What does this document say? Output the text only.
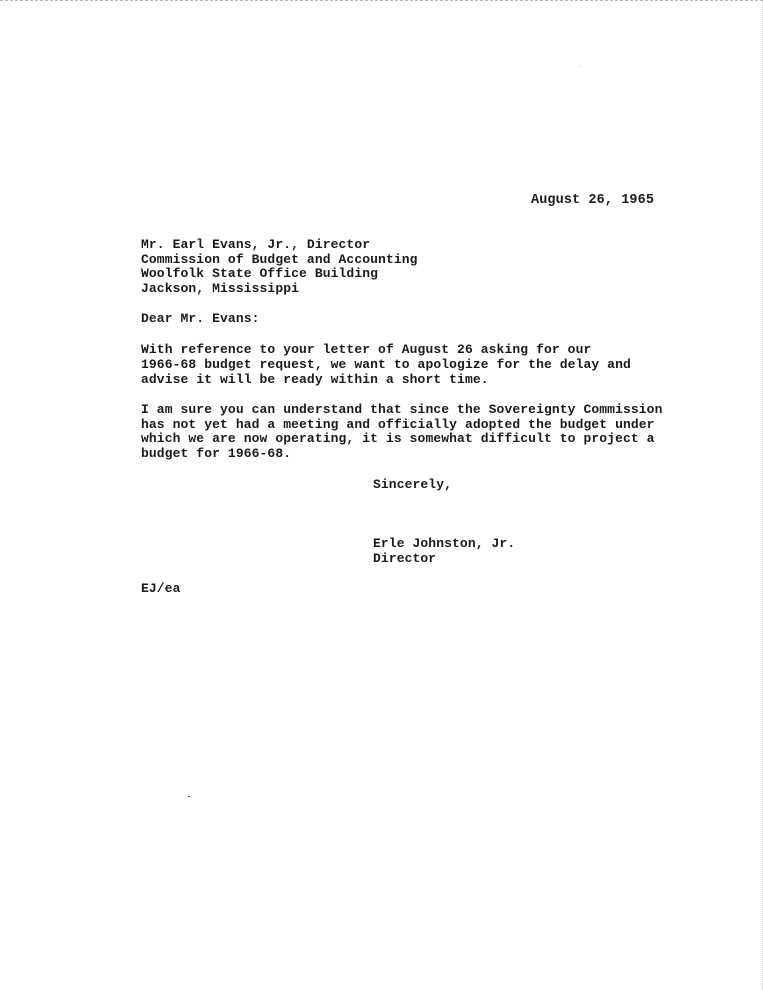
August 26, 1965
Mr. Earl Evans, Jr., Director
Commission of Budget and Accounting
Woolfolk State Office Building
Jackson, Mississippi
Dear Mr. Evans:
With reference to your letter of August 26 asking for our
1966-68 budget request, we want to apologize for the delay and
advise it will be ready within a short time.
I am sure you can understand that since the Sovereignty Commission
has not yet had a meeting and officially adopted the budget under
which we are now operating, it is somewhat difficult to project a
budget for 1966-68.
Sincerely,
Erle Johnston, Jr.
Director
EJ/ea
